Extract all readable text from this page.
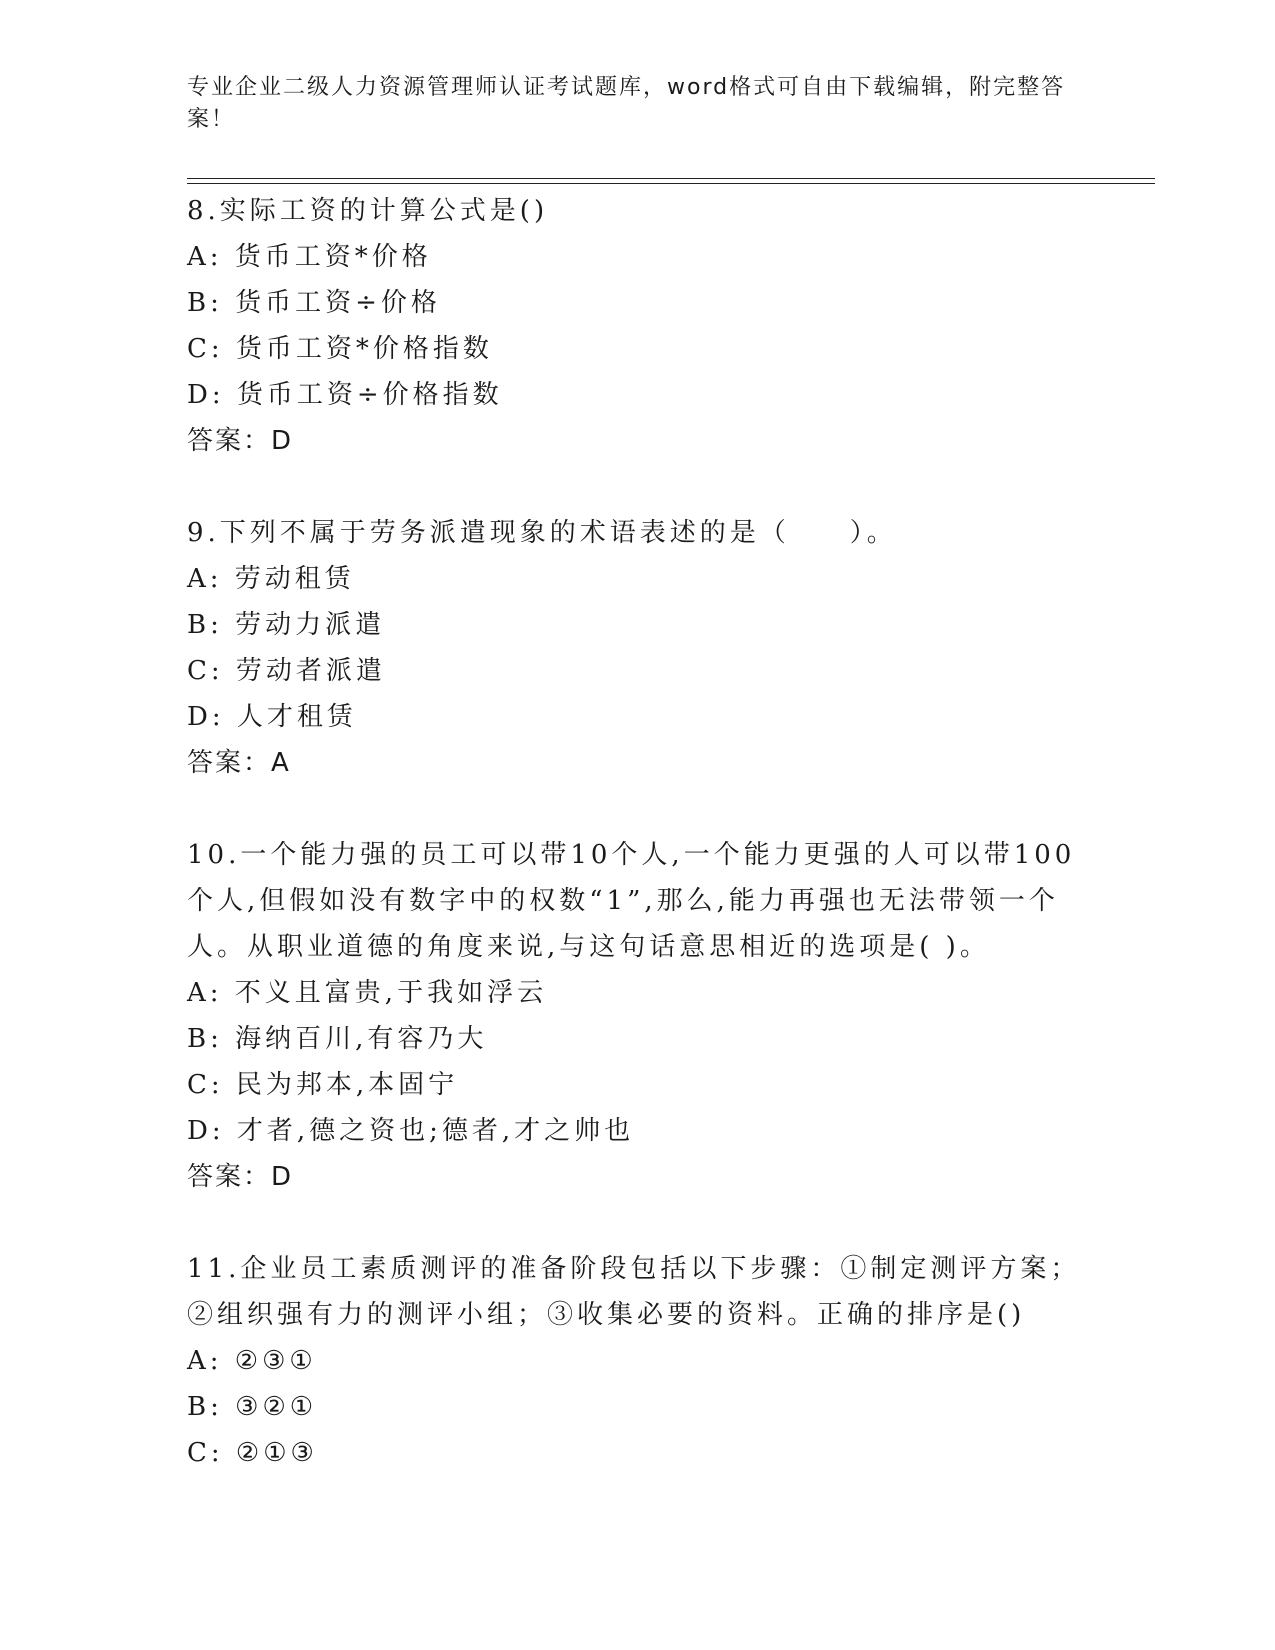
专业企业二级人力资源管理师认证考试题库，word格式可自由下载编辑，附完整答案！
8.实际工资的计算公式是()
A: 货币工资*价格
B: 货币工资÷价格
C: 货币工资*价格指数
D: 货币工资÷价格指数
答案：D
9.下列不属于劳务派遣现象的术语表述的是（　　）。
A: 劳动租赁
B: 劳动力派遣
C: 劳动者派遣
D: 人才租赁
答案：A
10.一个能力强的员工可以带10个人,一个能力更强的人可以带100个人,但假如没有数字中的权数“1”,那么,能力再强也无法带领一个人。从职业道德的角度来说,与这句话意思相近的选项是( )。
A: 不义且富贵,于我如浮云
B: 海纳百川,有容乃大
C: 民为邦本,本固宁
D: 才者,德之资也;德者,才之帅也
答案：D
11.企业员工素质测评的准备阶段包括以下步骤：①制定测评方案；②组织强有力的测评小组；③收集必要的资料。正确的排序是()
A: ②③①
B: ③②①
C: ②①③
